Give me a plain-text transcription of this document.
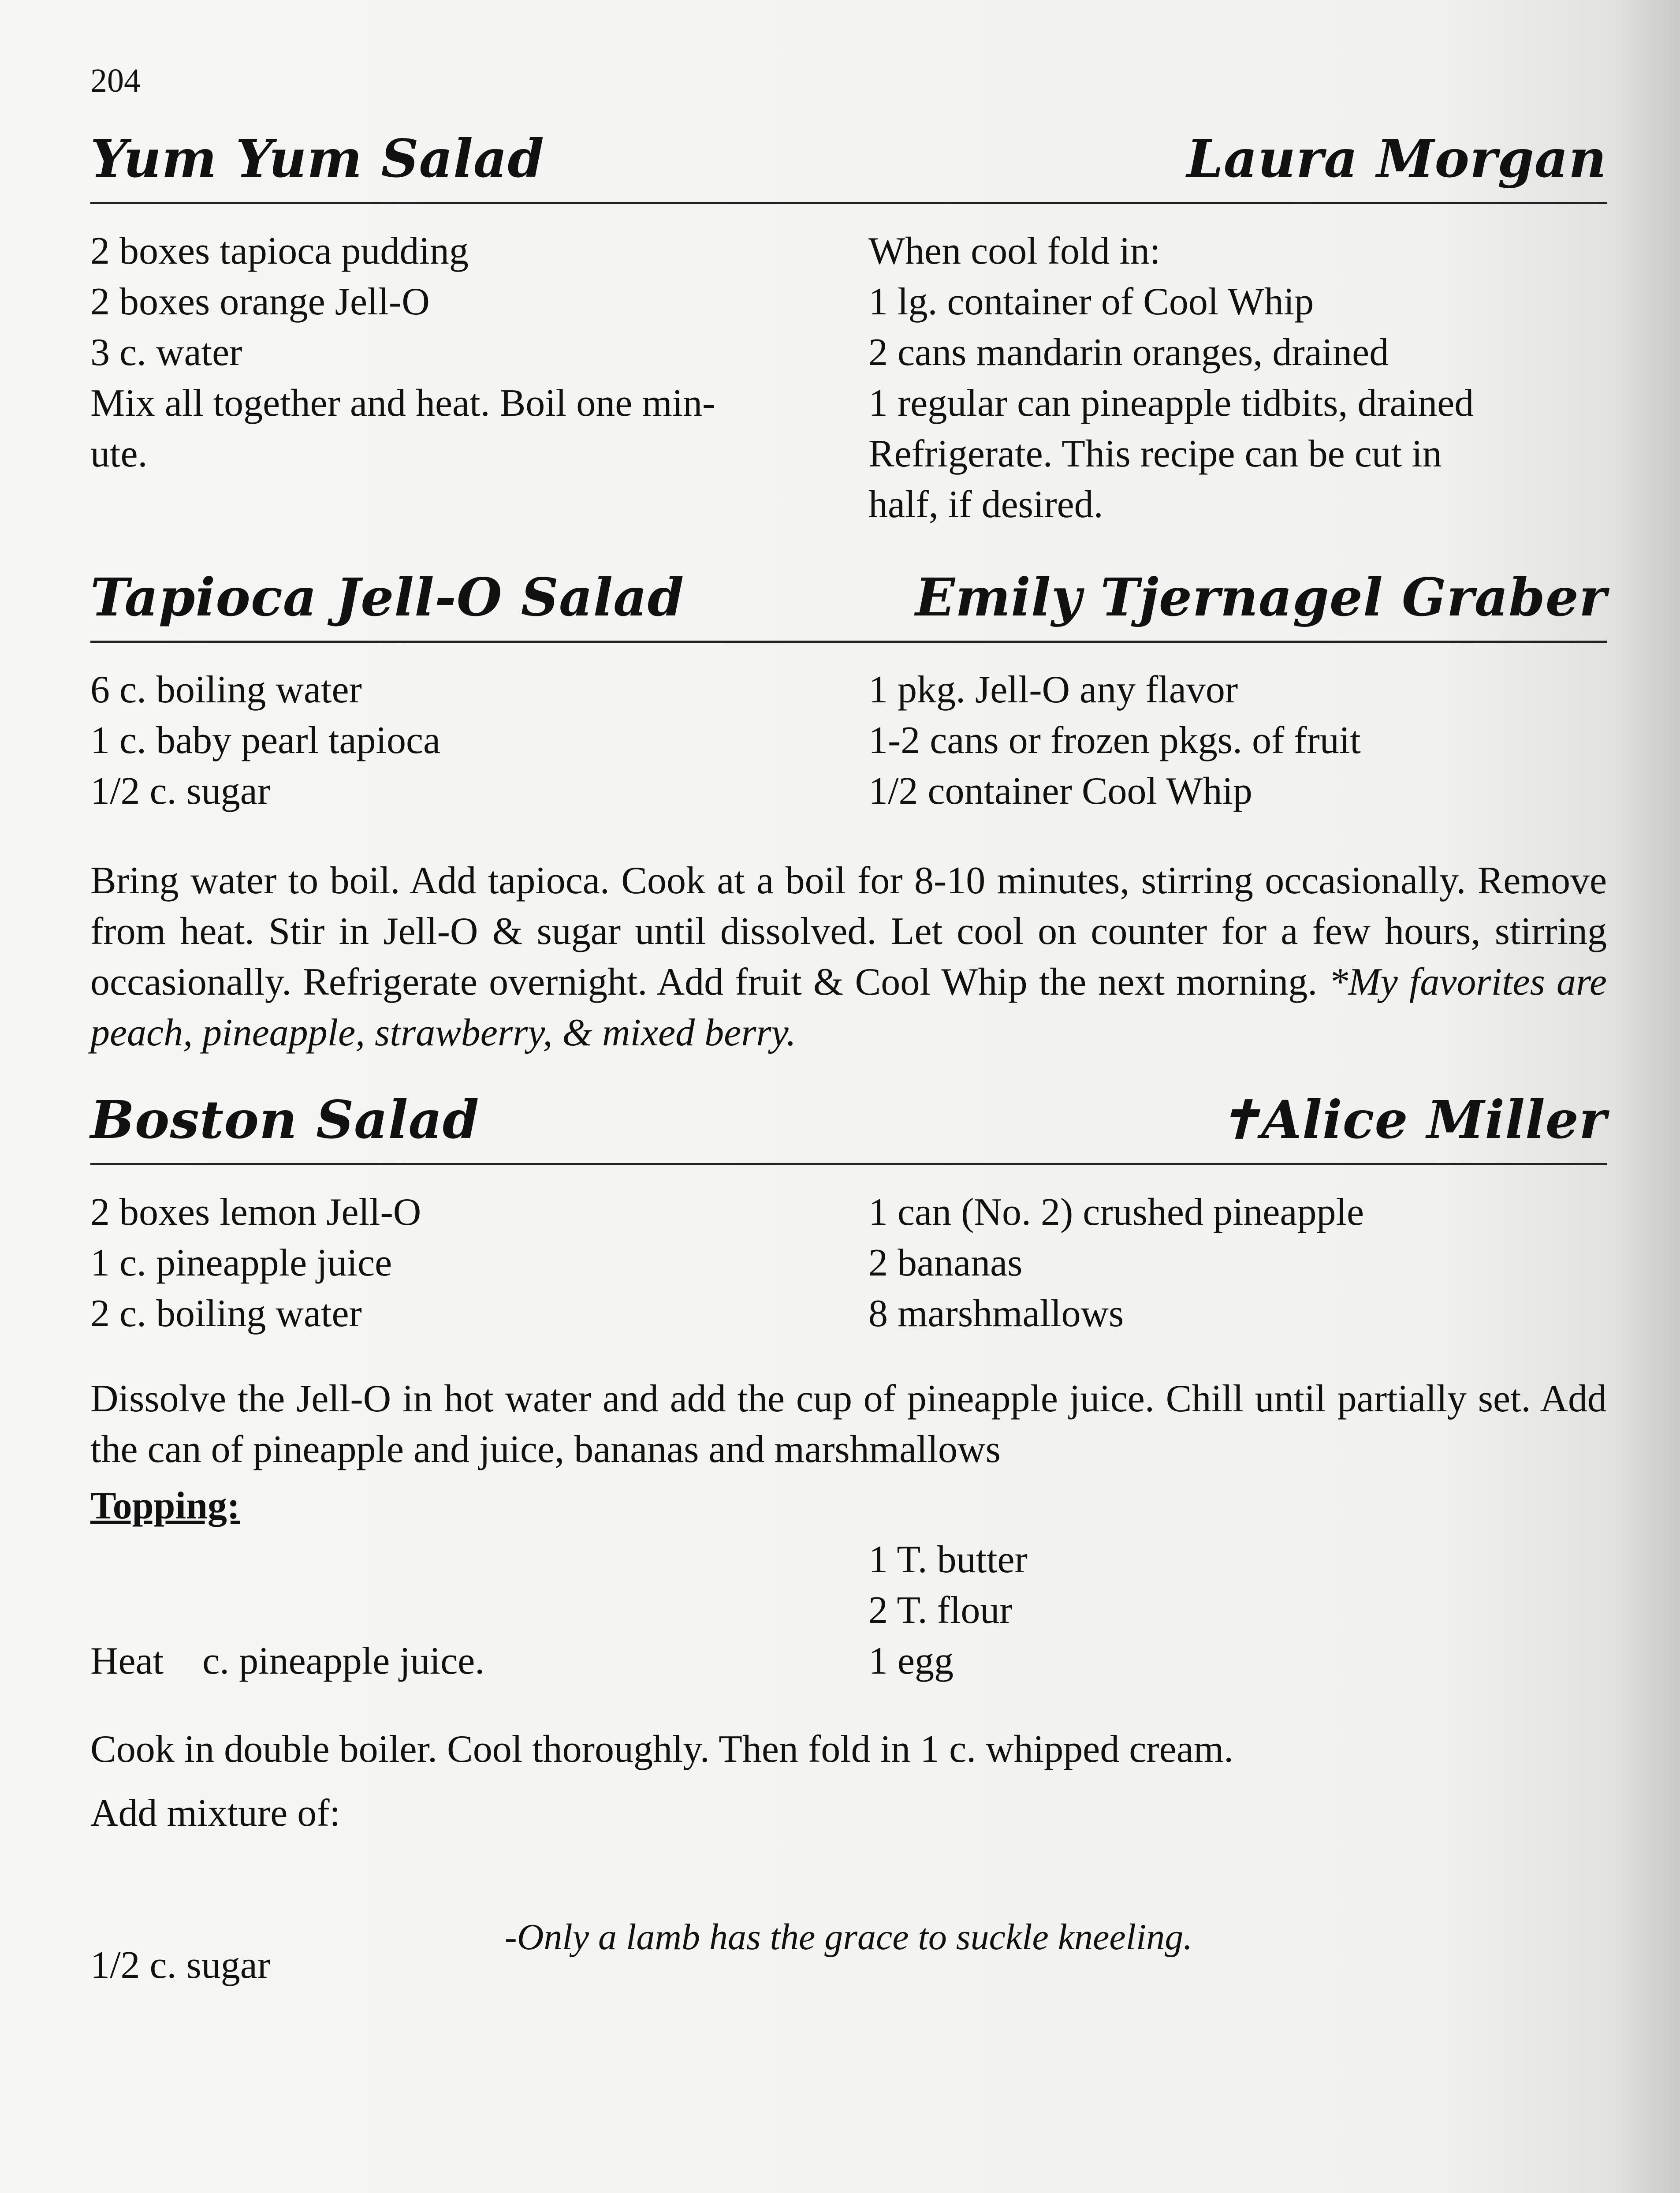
204
Yum Yum Salad	Laura Morgan
2 boxes tapioca pudding
2 boxes orange Jell-O
3 c. water
Mix all together and heat. Boil one min-
ute.
When cool fold in:
1 lg. container of Cool Whip
2 cans mandarin oranges, drained
1 regular can pineapple tidbits, drained
Refrigerate. This recipe can be cut in
half, if desired.
Tapioca Jell-O Salad	Emily Tjernagel Graber
6 c. boiling water
1 c. baby pearl tapioca
1/2 c. sugar
1 pkg. Jell-O any flavor
1-2 cans or frozen pkgs. of fruit
1/2 container Cool Whip
Bring water to boil. Add tapioca. Cook at a boil for 8-10 minutes, stirring occasionally. Remove from heat. Stir in Jell-O & sugar until dissolved. Let cool on counter for a few hours, stirring occasionally. Refrigerate overnight. Add fruit & Cool Whip the next morning. *My favorites are peach, pineapple, strawberry, & mixed berry.
Boston Salad	✝Alice Miller
2 boxes lemon Jell-O
1 c. pineapple juice
2 c. boiling water
1 can (No. 2) crushed pineapple
2 bananas
8 marshmallows
Dissolve the Jell-O in hot water and add the cup of pineapple juice. Chill until partially set. Add the can of pineapple and juice, bananas and marshmallows
Topping:

Heat    c. pineapple juice.

Add mixture of:

1/2 c. sugar

1 T. butter
2 T. flour
1 egg
Cook in double boiler. Cool thoroughly. Then fold in 1 c. whipped cream.
-Only a lamb has the grace to suckle kneeling.
